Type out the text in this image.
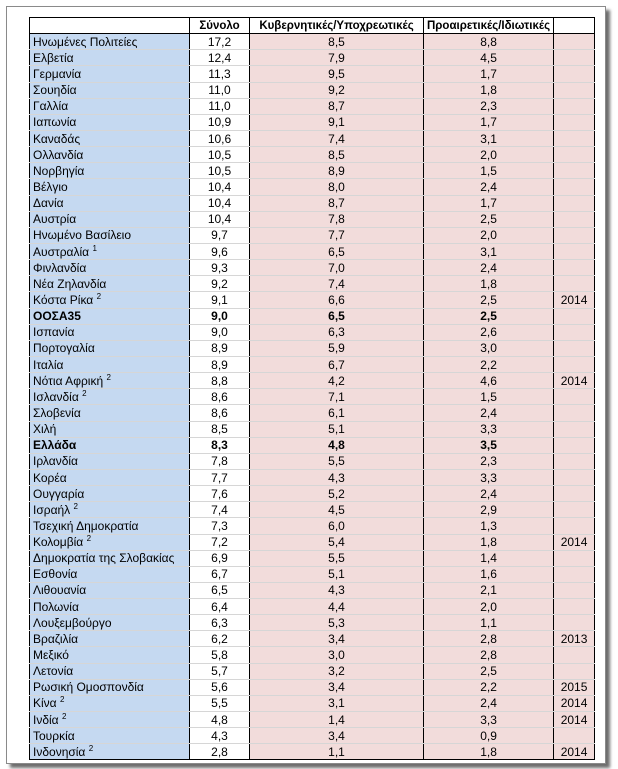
	Σύνολο	Κυβερνητικές/Υποχρεωτικές	Προαιρετικές/Ιδιωτικές	
Ηνωμένες Πολιτείες	17,2	8,5	8,8	
Ελβετία	12,4	7,9	4,5	
Γερμανία	11,3	9,5	1,7	
Σουηδία	11,0	9,2	1,8	
Γαλλία	11,0	8,7	2,3	
Ιαπωνία	10,9	9,1	1,7	
Καναδάς	10,6	7,4	3,1	
Ολλανδία	10,5	8,5	2,0	
Νορβηγία	10,5	8,9	1,5	
Βέλγιο	10,4	8,0	2,4	
Δανία	10,4	8,7	1,7	
Αυστρία	10,4	7,8	2,5	
Ηνωμένο Βασίλειο	9,7	7,7	2,0	
Αυστραλία $^1$	9,6	6,5	3,1	
Φινλανδία	9,3	7,0	2,4	
Νέα Ζηλανδία	9,2	7,4	1,8	
Κόστα Ρίκα $^2$	9,1	6,6	2,5	2014
ΟΟΣΑ35	9,0	6,5	2,5	
Ισπανία	9,0	6,3	2,6	
Πορτογαλία	8,9	5,9	3,0	
Ιταλία	8,9	6,7	2,2	
Νότια Αφρική $^2$	8,8	4,2	4,6	2014
Ισλανδία $^2$	8,6	7,1	1,5	
Σλοβενία	8,6	6,1	2,4	
Χιλή	8,5	5,1	3,3	
Ελλάδα	8,3	4,8	3,5	
Ιρλανδία	7,8	5,5	2,3	
Κορέα	7,7	4,3	3,3	
Ουγγαρία	7,6	5,2	2,4	
Ισραήλ $^2$	7,4	4,5	2,9	
Τσεχική Δημοκρατία	7,3	6,0	1,3	
Κολομβία $^2$	7,2	5,4	1,8	2014
Δημοκρατία της Σλοβακίας	6,9	5,5	1,4	
Εσθονία	6,7	5,1	1,6	
Λιθουανία	6,5	4,3	2,1	
Πολωνία	6,4	4,4	2,0	
Λουξεμβούργο	6,3	5,3	1,1	
Βραζιλία	6,2	3,4	2,8	2013
Μεξικό	5,8	3,0	2,8	
Λετονία	5,7	3,2	2,5	
Ρωσική Ομοσπονδία	5,6	3,4	2,2	2015
Κίνα $^2$	5,5	3,1	2,4	2014
Ινδία $^2$	4,8	1,4	3,3	2014
Τουρκία	4,3	3,4	0,9	
Ινδονησία $^2$	2,8	1,1	1,8	2014
